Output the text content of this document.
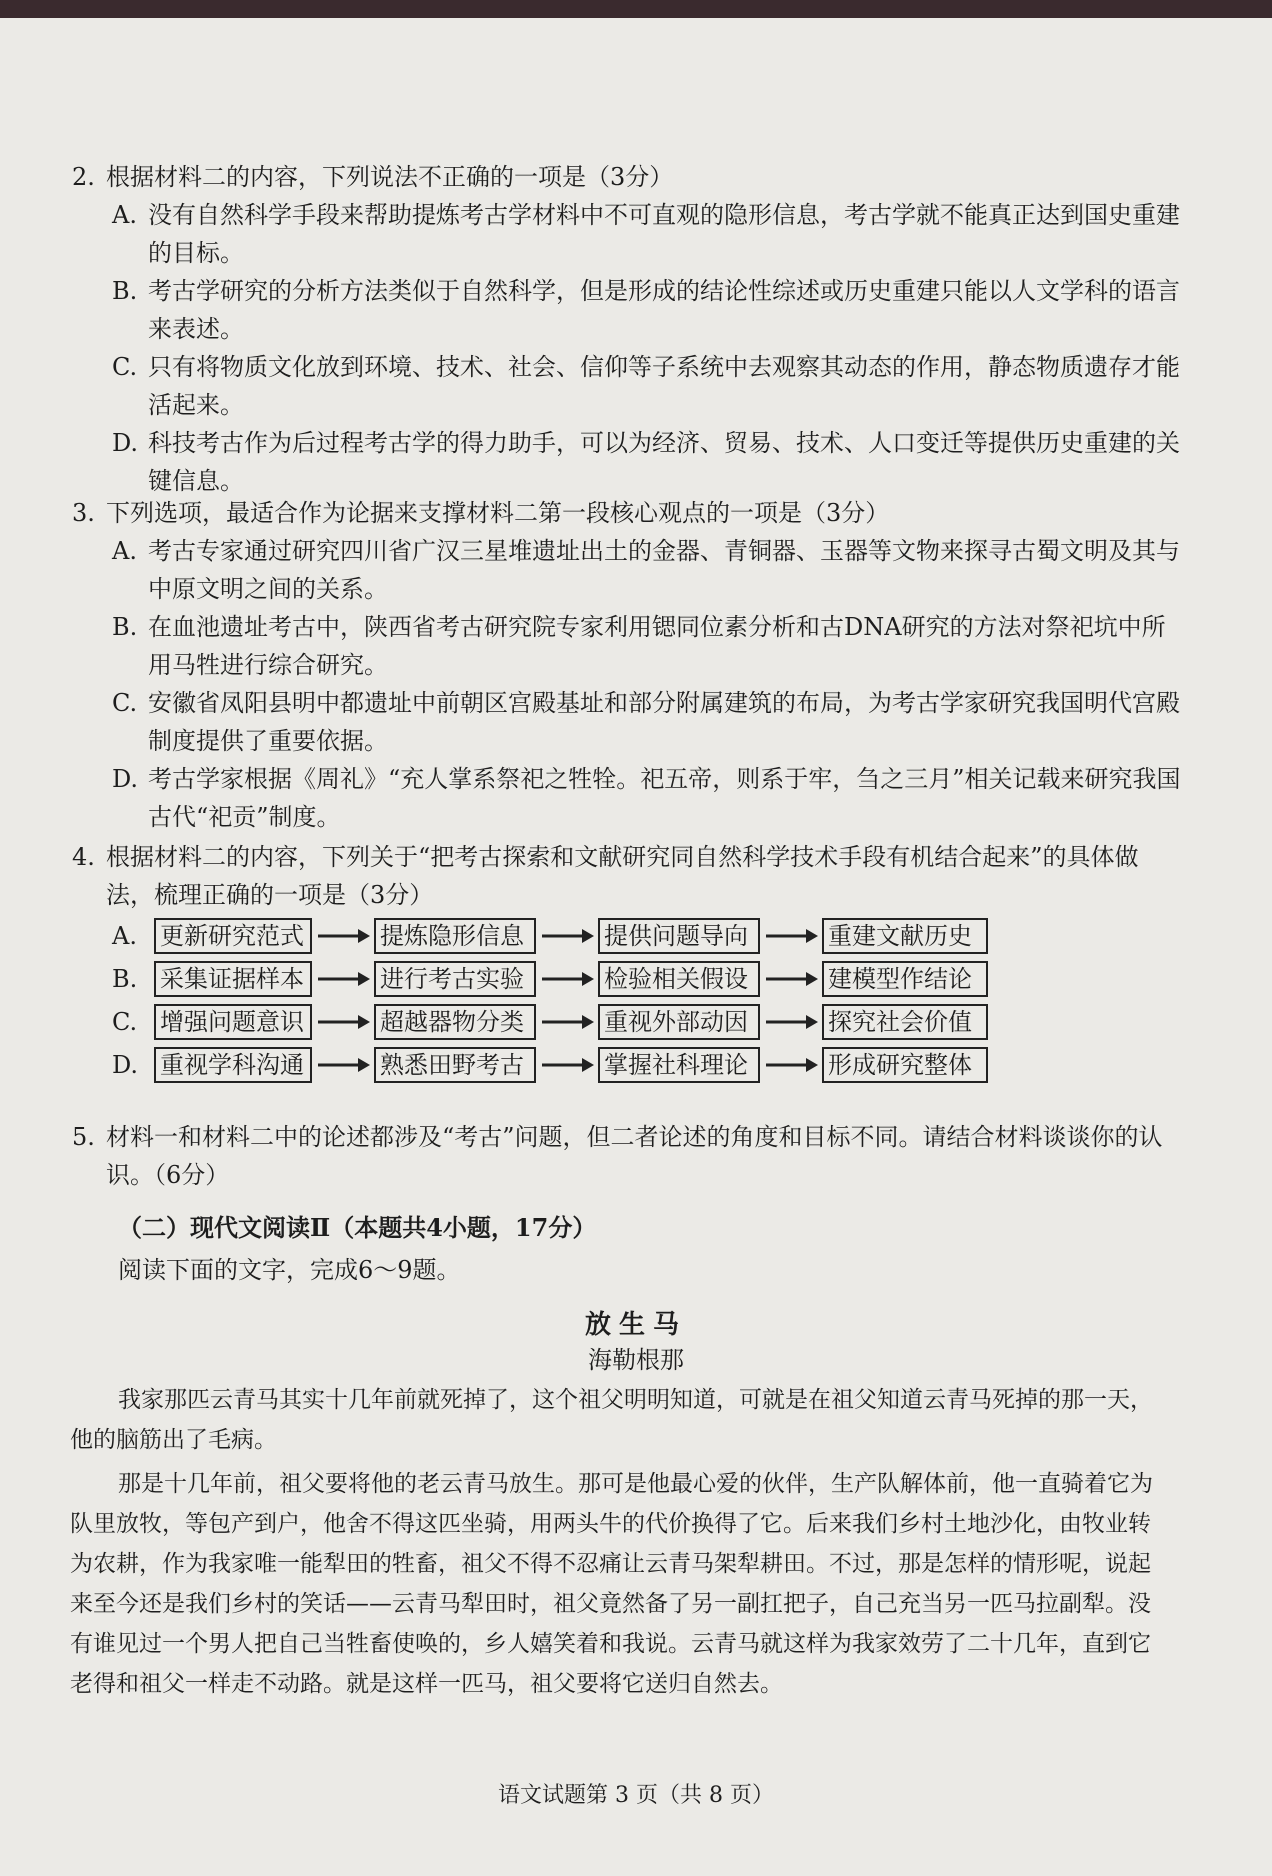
2. 根据材料二的内容，下列说法不正确的一项是（3分）
A. 没有自然科学手段来帮助提炼考古学材料中不可直观的隐形信息，考古学就不能真正达到国史重建的目标。
B. 考古学研究的分析方法类似于自然科学，但是形成的结论性综述或历史重建只能以人文学科的语言来表述。
C. 只有将物质文化放到环境、技术、社会、信仰等子系统中去观察其动态的作用，静态物质遗存才能活起来。
D. 科技考古作为后过程考古学的得力助手，可以为经济、贸易、技术、人口变迁等提供历史重建的关键信息。
3. 下列选项，最适合作为论据来支撑材料二第一段核心观点的一项是（3分）
A. 考古专家通过研究四川省广汉三星堆遗址出土的金器、青铜器、玉器等文物来探寻古蜀文明及其与中原文明之间的关系。
B. 在血池遗址考古中，陕西省考古研究院专家利用锶同位素分析和古DNA研究的方法对祭祀坑中所用马牲进行综合研究。
C. 安徽省凤阳县明中都遗址中前朝区宫殿基址和部分附属建筑的布局，为考古学家研究我国明代宫殿制度提供了重要依据。
D. 考古学家根据《周礼》“充人掌系祭祀之牲牷。祀五帝，则系于牢，刍之三月”相关记载来研究我国古代“祀贡”制度。
4. 根据材料二的内容，下列关于“把考古探索和文献研究同自然科学技术手段有机结合起来”的具体做法，梳理正确的一项是（3分）
A. 更新研究范式	提炼隐形信息	提供问题导向	重建文献历史
B. 采集证据样本	进行考古实验	检验相关假设	建模型作结论
C. 增强问题意识	超越器物分类	重视外部动因	探究社会价值
D. 重视学科沟通	熟悉田野考古	掌握社科理论	形成研究整体
5. 材料一和材料二中的论述都涉及“考古”问题，但二者论述的角度和目标不同。请结合材料谈谈你的认识。（6分）
（二）现代文阅读Ⅱ（本题共4小题，17分）
阅读下面的文字，完成6～9题。
放生马
海勒根那
我家那匹云青马其实十几年前就死掉了，这个祖父明明知道，可就是在祖父知道云青马死掉的那一天，他的脑筋出了毛病。
那是十几年前，祖父要将他的老云青马放生。那可是他最心爱的伙伴，生产队解体前，他一直骑着它为队里放牧，等包产到户，他舍不得这匹坐骑，用两头牛的代价换得了它。后来我们乡村土地沙化，由牧业转为农耕，作为我家唯一能犁田的牲畜，祖父不得不忍痛让云青马架犁耕田。不过，那是怎样的情形呢，说起来至今还是我们乡村的笑话——云青马犁田时，祖父竟然备了另一副扛把子，自己充当另一匹马拉副犁。没有谁见过一个男人把自己当牲畜使唤的，乡人嬉笑着和我说。云青马就这样为我家效劳了二十几年，直到它老得和祖父一样走不动路。就是这样一匹马，祖父要将它送归自然去。
语文试题第 3 页（共 8 页）
